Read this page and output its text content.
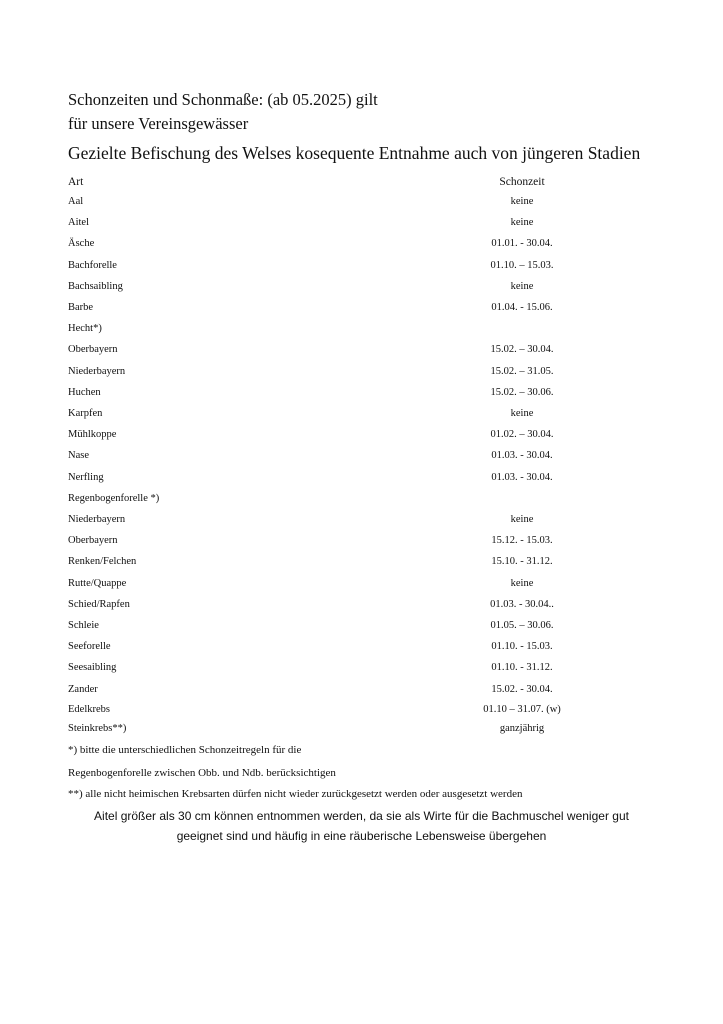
Schonzeiten und Schonmaße: (ab 05.2025) gilt
für unsere Vereinsgewässer
Gezielte Befischung des Welses kosequente Entnahme auch von jüngeren Stadien
Art	Schonzeit
Aal	keine
Aitel	keine
Äsche	01.01. - 30.04.
Bachforelle	01.10. – 15.03.
Bachsaibling	keine
Barbe	01.04. - 15.06.
Hecht*)
Oberbayern	15.02. – 30.04.
Niederbayern	15.02. – 31.05.
Huchen	15.02. – 30.06.
Karpfen	keine
Mühlkoppe	01.02. – 30.04.
Nase	01.03. - 30.04.
Nerfling	01.03. - 30.04.
Regenbogenforelle *)
Niederbayern	keine
Oberbayern	15.12. - 15.03.
Renken/Felchen	15.10. - 31.12.
Rutte/Quappe	keine
Schied/Rapfen	01.03. - 30.04..
Schleie	01.05. – 30.06.
Seeforelle	01.10. - 15.03.
Seesaibling	01.10. - 31.12.
Zander	15.02. - 30.04.
Edelkrebs	01.10 – 31.07. (w)
Steinkrebs**)	ganzjährig
*) bitte die unterschiedlichen Schonzeitregeln für die
Regenbogenforelle zwischen Obb. und Ndb. berücksichtigen
**) alle nicht heimischen Krebsarten dürfen nicht wieder zurückgesetzt werden oder ausgesetzt werden
Aitel größer als 30 cm können entnommen werden, da sie als Wirte für die Bachmuschel weniger gut
geeignet sind und häufig in eine räuberische Lebensweise übergehen
